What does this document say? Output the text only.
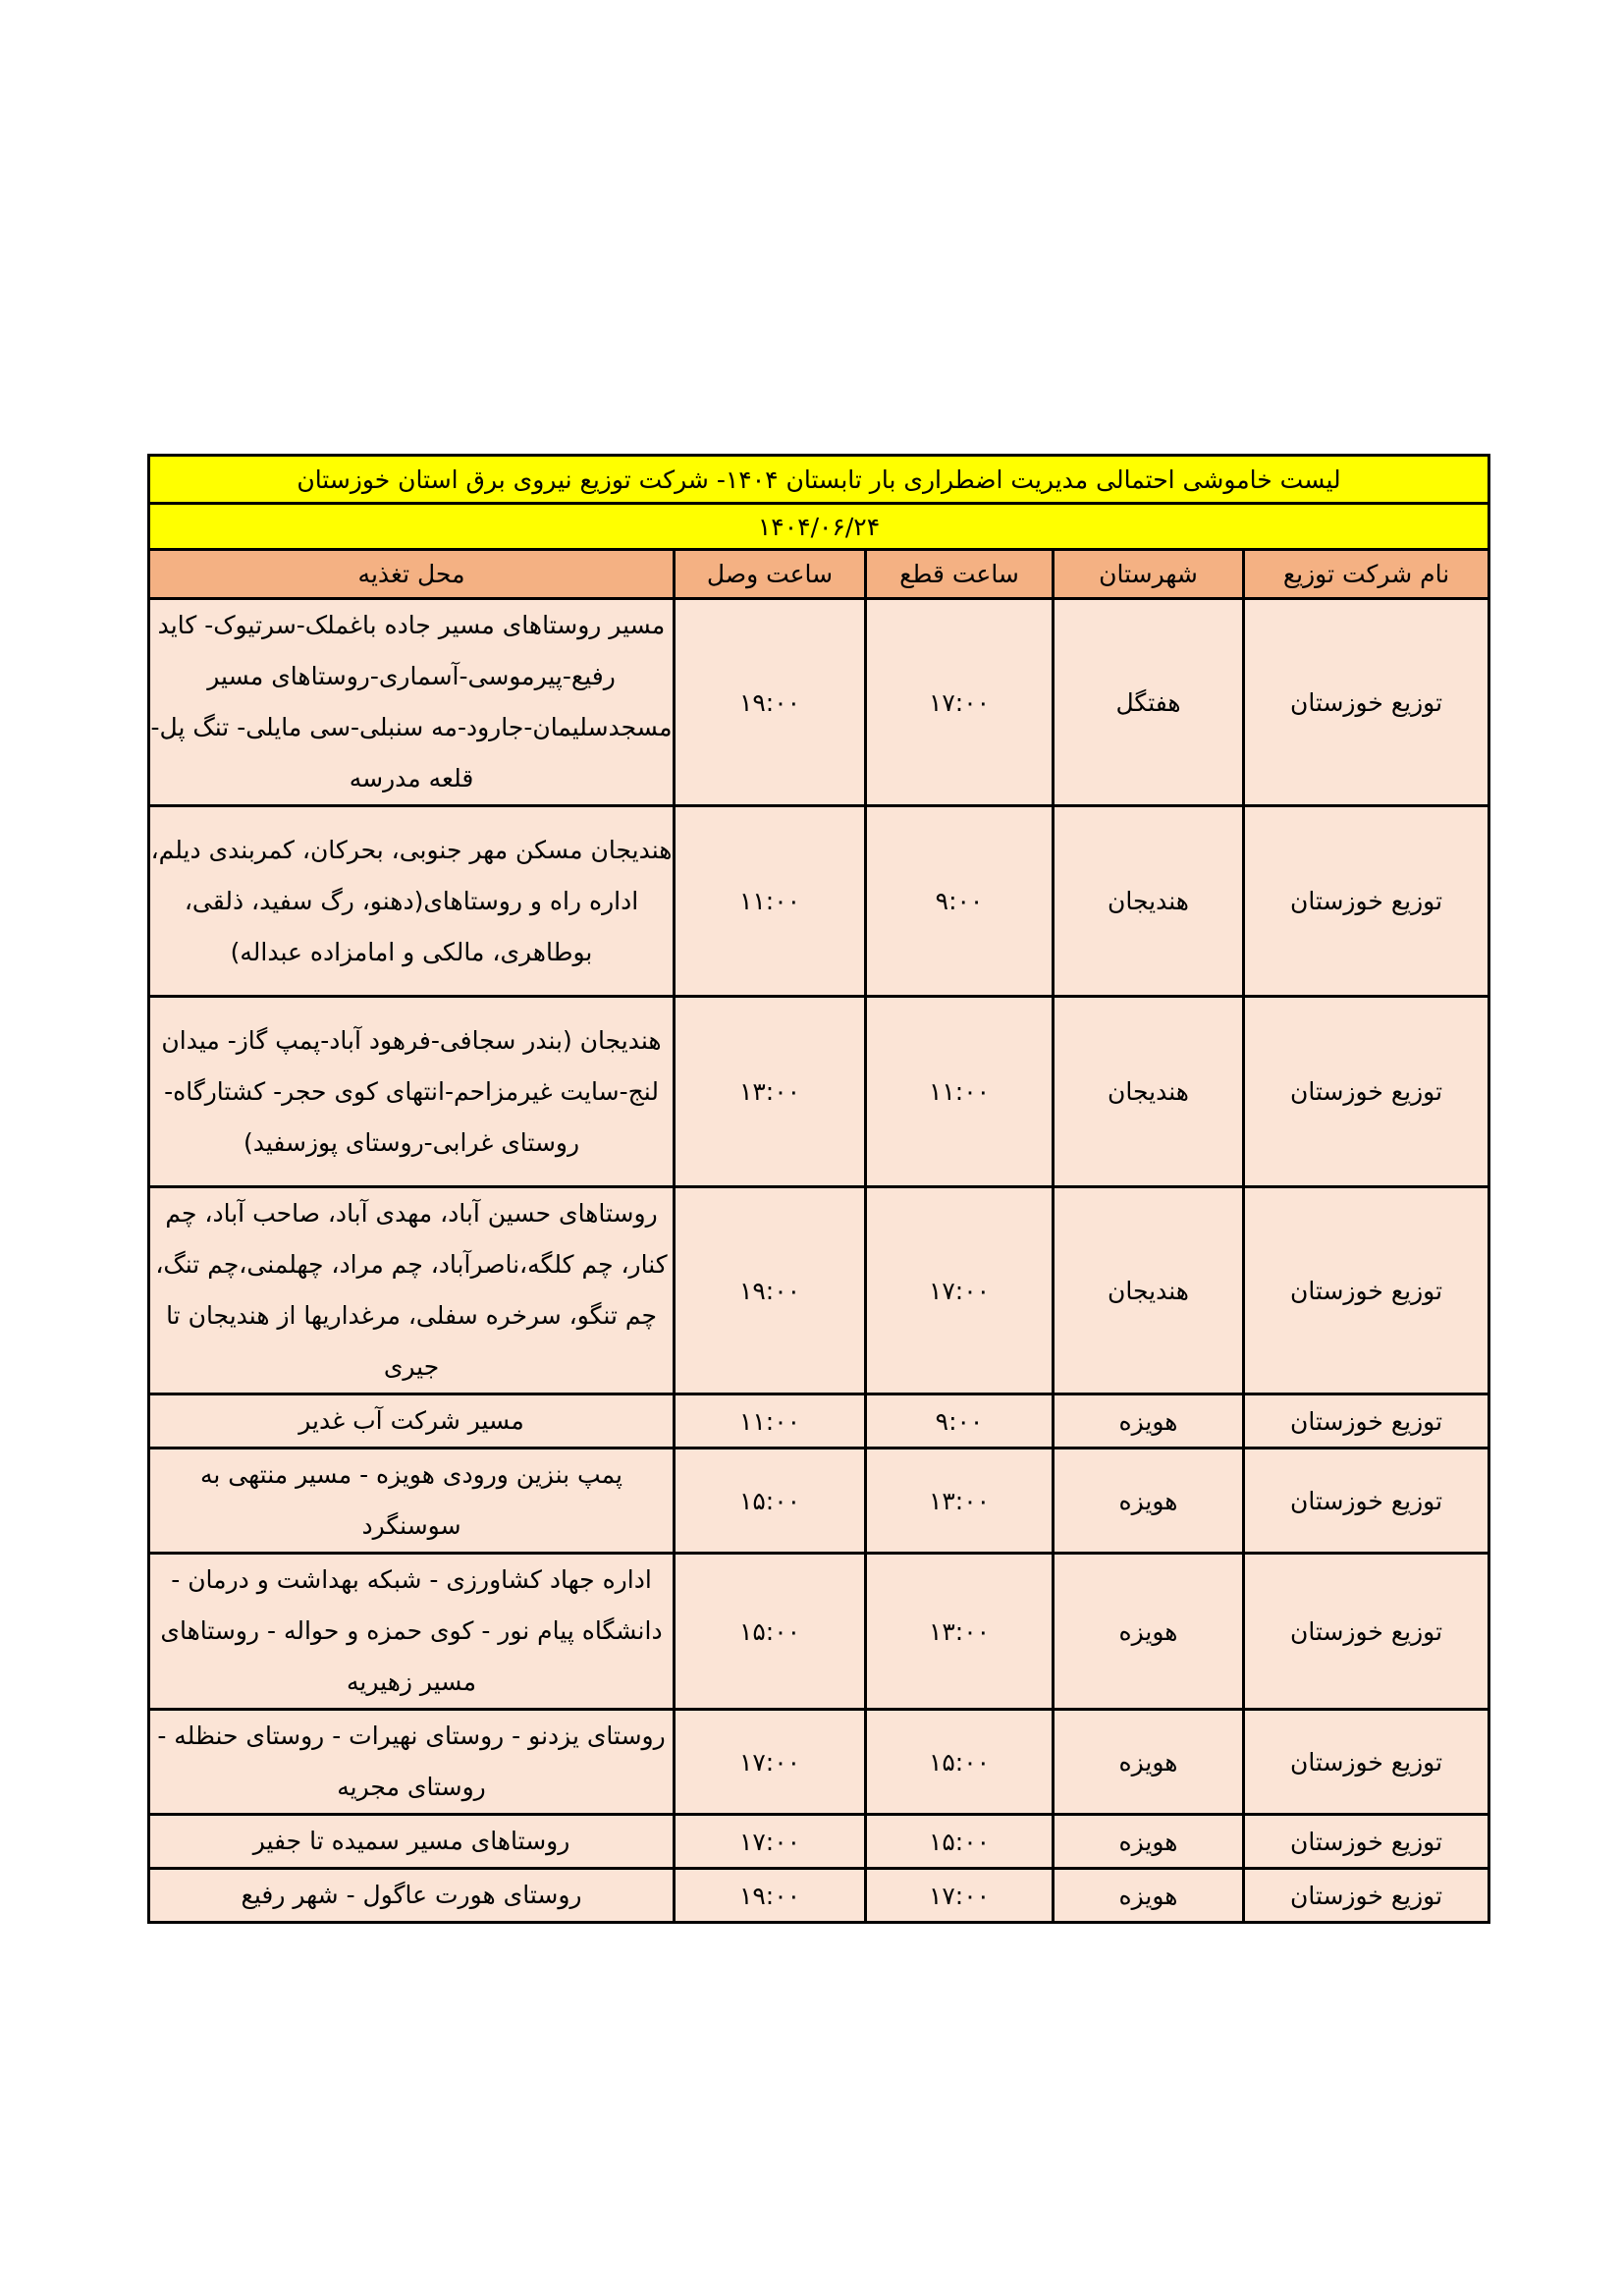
لیست خاموشی احتمالی مدیریت اضطراری بار تابستان ۱۴۰۴- شرکت توزیع نیروی برق استان خوزستان				
۱۴۰۴/۰۶/۲۴				
نام شرکت توزیع	شهرستان	ساعت قطع	ساعت وصل	محل تغذیه
توزیع خوزستان	هفتگل	۱۷:۰۰	۱۹:۰۰	مسیر روستاهای مسیر جاده باغملک-سرتیوک- کاید رفیع-پیرموسی-آسماری-روستاهای مسیر مسجدسلیمان-جارود-مه سنبلی-سی مایلی- تنگ پل-قلعه مدرسه
توزیع خوزستان	هندیجان	۹:۰۰	۱۱:۰۰	هندیجان مسکن مهر جنوبی، بحرکان، کمربندی دیلم، اداره راه و روستاهای(دهنو، رگ سفید، ذلقی، بوطاهری، مالکی و امامزاده عبداله)
توزیع خوزستان	هندیجان	۱۱:۰۰	۱۳:۰۰	هندیجان (بندر سجافی-فرهود آباد-پمپ گاز- میدان لنج-سایت غیرمزاحم-انتهای کوی حجر- کشتارگاه-روستای غرابی-روستای پوزسفید)
توزیع خوزستان	هندیجان	۱۷:۰۰	۱۹:۰۰	روستاهای حسین آباد، مهدی آباد، صاحب آباد، چم کنار، چم کلگه،ناصرآباد، چم مراد، چهلمنی،چم تنگ، چم تنگو، سرخره سفلی، مرغداریها از هندیجان تا جیری
توزیع خوزستان	هویزه	۹:۰۰	۱۱:۰۰	مسیر شرکت آب غدیر
توزیع خوزستان	هویزه	۱۳:۰۰	۱۵:۰۰	پمپ بنزین ورودی هویزه - مسیر منتهی به سوسنگرد
توزیع خوزستان	هویزه	۱۳:۰۰	۱۵:۰۰	اداره جهاد کشاورزی - شبکه بهداشت و درمان - دانشگاه پیام نور - کوی حمزه و حواله - روستاهای مسیر زهیریه
توزیع خوزستان	هویزه	۱۵:۰۰	۱۷:۰۰	روستای یزدنو - روستای نهیرات - روستای حنظله - روستای مجریه
توزیع خوزستان	هویزه	۱۵:۰۰	۱۷:۰۰	روستاهای مسیر سمیده تا جفیر
توزیع خوزستان	هویزه	۱۷:۰۰	۱۹:۰۰	روستای هورت عاگول - شهر رفیع
